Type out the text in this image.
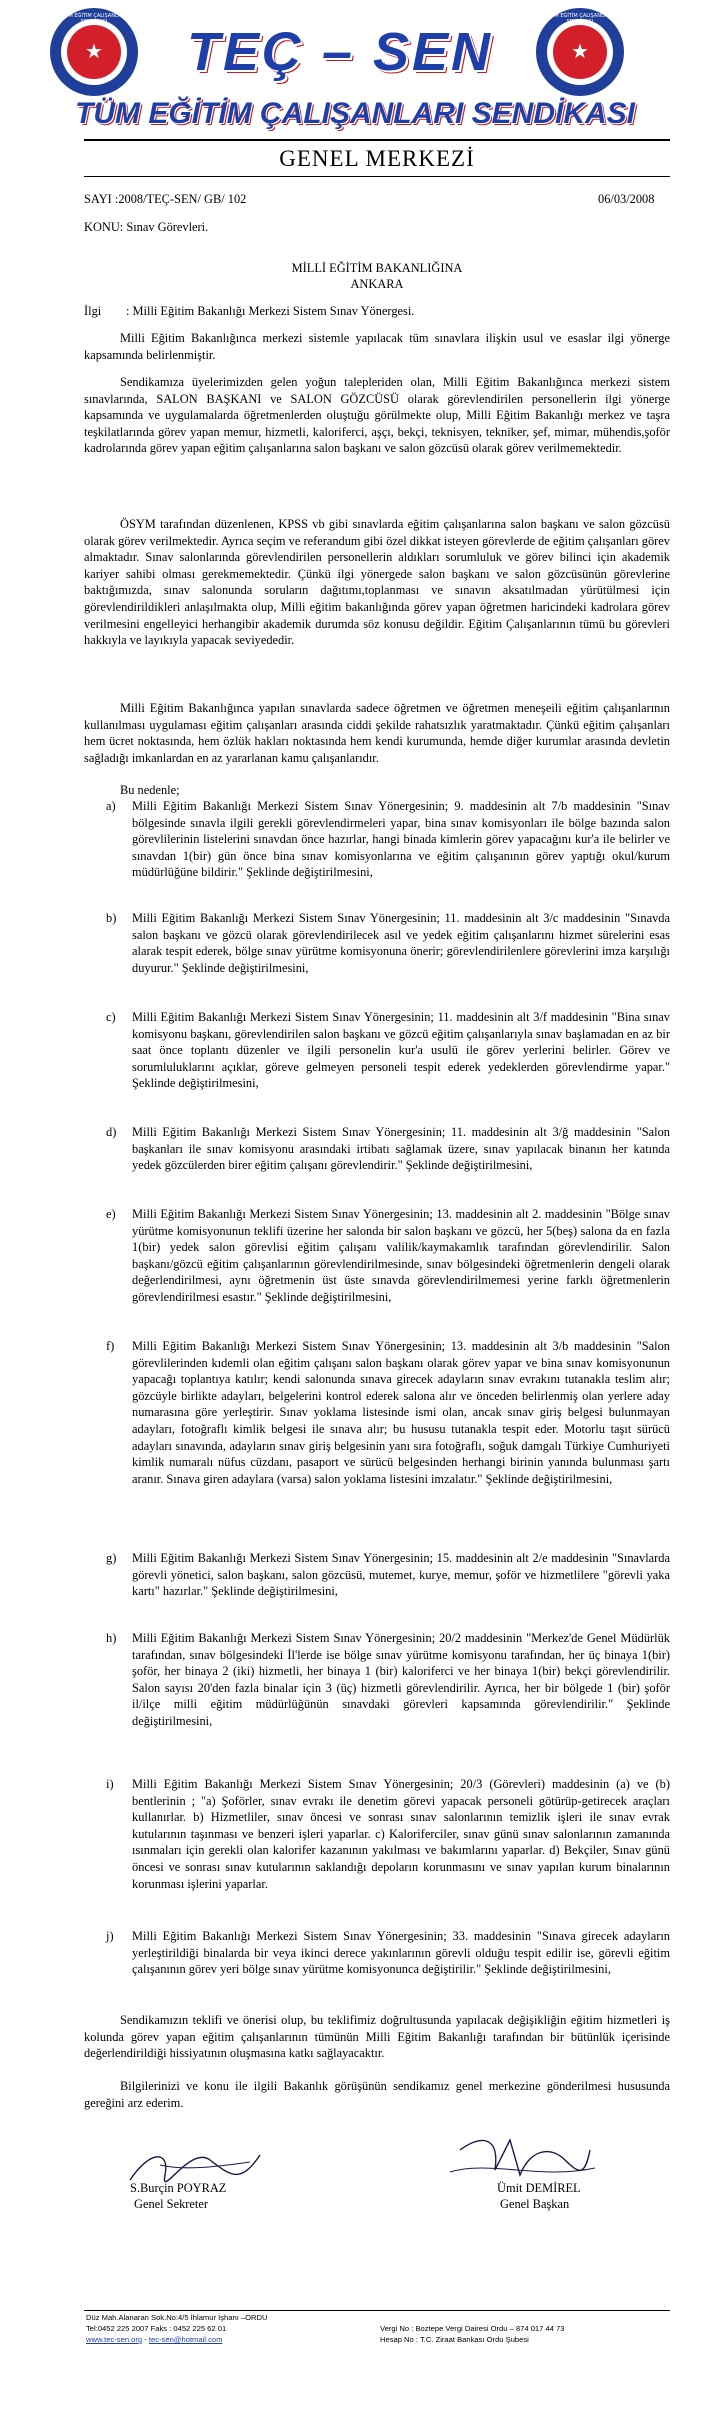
TÜM EĞİTİM ÇALIŞANLARI
★
TÜM EĞİTİM ÇALIŞANLARI
★
TEÇ – SEN
TÜM EĞİTİM ÇALIŞANLARI SENDİKASI
GENEL MERKEZİ
SAYI :2008/TEÇ-SEN/ GB/ 102	06/03/2008
KONU: Sınav Görevleri.
MİLLİ EĞİTİM BAKANLIĞINA
ANKARA
İlgi : Milli Eğitim Bakanlığı Merkezi Sistem Sınav Yönergesi.
Milli Eğitim Bakanlığınca merkezi sistemle yapılacak tüm sınavlara ilişkin usul ve esaslar ilgi yönerge kapsamında belirlenmiştir.
Sendikamıza üyelerimizden gelen yoğun talepleriden olan, Milli Eğitim Bakanlığınca merkezi sistem sınavlarında, SALON BAŞKANI ve SALON GÖZCÜSÜ olarak görevlendirilen personellerin ilgi yönerge kapsamında ve uygulamalarda öğretmenlerden oluştuğu görülmekte olup, Milli Eğitim Bakanlığı merkez ve taşra teşkilatlarında görev yapan memur, hizmetli, kaloriferci, aşçı, bekçi, teknisyen, tekniker, şef, mimar, mühendis,şoför kadrolarında görev yapan eğitim çalışanlarına salon başkanı ve salon gözcüsü olarak görev verilmemektedir.
ÖSYM tarafından düzenlenen, KPSS vb gibi sınavlarda eğitim çalışanlarına salon başkanı ve salon gözcüsü olarak görev verilmektedir. Ayrıca seçim ve referandum gibi özel dikkat isteyen görevlerde de eğitim çalışanları görev almaktadır. Sınav salonlarında görevlendirilen personellerin aldıkları sorumluluk ve görev bilinci için akademik kariyer sahibi olması gerekmemektedir. Çünkü ilgi yönergede salon başkanı ve salon gözcüsünün görevlerine baktığımızda, sınav salonunda soruların dağıtımı,toplanması ve sınavın aksatılmadan yürütülmesi için görevlendirildikleri anlaşılmakta olup, Milli eğitim bakanlığında görev yapan öğretmen haricindeki kadrolara görev verilmesini engelleyici herhangibir akademik durumda söz konusu değildir. Eğitim Çalışanlarının tümü bu görevleri hakkıyla ve layıkıyla yapacak seviyededir.
Milli Eğitim Bakanlığınca yapılan sınavlarda sadece öğretmen ve öğretmen meneşeili eğitim çalışanlarının kullanılması uygulaması eğitim çalışanları arasında ciddi şekilde rahatsızlık yaratmaktadır. Çünkü eğitim çalışanları hem ücret noktasında, hem özlük hakları noktasında hem kendi kurumunda, hemde diğer kurumlar arasında devletin sağladığı imkanlardan en az yararlanan kamu çalışanlarıdır.
Bu nedenle;
a) Milli Eğitim Bakanlığı Merkezi Sistem Sınav Yönergesinin; 9. maddesinin alt 7/b maddesinin "Sınav bölgesinde sınavla ilgili gerekli görevlendirmeleri yapar, bina sınav komisyonları ile bölge bazında salon görevlilerinin listelerini sınavdan önce hazırlar, hangi binada kimlerin görev yapacağını kur'a ile belirler ve sınavdan 1(bir) gün önce bina sınav komisyonlarına ve eğitim çalışanının görev yaptığı okul/kurum müdürlüğüne bildirir." Şeklinde değiştirilmesini,
b) Milli Eğitim Bakanlığı Merkezi Sistem Sınav Yönergesinin; 11. maddesinin alt 3/c maddesinin "Sınavda salon başkanı ve gözcü olarak görevlendirilecek asıl ve yedek eğitim çalışanlarını hizmet sürelerini esas alarak tespit ederek, bölge sınav yürütme komisyonuna önerir; görevlendirilenlere görevlerini imza karşılığı duyurur." Şeklinde değiştirilmesini,
c) Milli Eğitim Bakanlığı Merkezi Sistem Sınav Yönergesinin; 11. maddesinin alt 3/f maddesinin "Bina sınav komisyonu başkanı, görevlendirilen salon başkanı ve gözcü eğitim çalışanlarıyla sınav başlamadan en az bir saat önce toplantı düzenler ve ilgili personelin kur'a usulü ile görev yerlerini belirler. Görev ve sorumluluklarını açıklar, göreve gelmeyen personeli tespit ederek yedeklerden görevlendirme yapar." Şeklinde değiştirilmesini,
d) Milli Eğitim Bakanlığı Merkezi Sistem Sınav Yönergesinin; 11. maddesinin alt 3/ğ maddesinin "Salon başkanları ile sınav komisyonu arasındaki irtibatı sağlamak üzere, sınav yapılacak binanın her katında yedek gözcülerden birer eğitim çalışanı görevlendirir." Şeklinde değiştirilmesini,
e) Milli Eğitim Bakanlığı Merkezi Sistem Sınav Yönergesinin; 13. maddesinin alt 2. maddesinin "Bölge sınav yürütme komisyonunun teklifi üzerine her salonda bir salon başkanı ve gözcü, her 5(beş) salona da en fazla 1(bir) yedek salon görevlisi eğitim çalışanı valilik/kaymakamlık tarafından görevlendirilir. Salon başkanı/gözcü eğitim çalışanlarının görevlendirilmesinde, sınav bölgesindeki öğretmenlerin dengeli olarak değerlendirilmesi, aynı öğretmenin üst üste sınavda görevlendirilmemesi yerine farklı öğretmenlerin görevlendirilmesi esastır." Şeklinde değiştirilmesini,
f) Milli Eğitim Bakanlığı Merkezi Sistem Sınav Yönergesinin; 13. maddesinin alt 3/b maddesinin "Salon görevlilerinden kıdemli olan eğitim çalışanı salon başkanı olarak görev yapar ve bina sınav komisyonunun yapacağı toplantıya katılır; kendi salonunda sınava girecek adayların sınav evrakını tutanakla teslim alır; gözcüyle birlikte adayları, belgelerini kontrol ederek salona alır ve önceden belirlenmiş olan yerlere aday numarasına göre yerleştirir. Sınav yoklama listesinde ismi olan, ancak sınav giriş belgesi bulunmayan adayları, fotoğraflı kimlik belgesi ile sınava alır; bu hususu tutanakla tespit eder. Motorlu taşıt sürücü adayları sınavında, adayların sınav giriş belgesinin yanı sıra fotoğraflı, soğuk damgalı Türkiye Cumhuriyeti kimlik numaralı nüfus cüzdanı, pasaport ve sürücü belgesinden herhangi birinin yanında bulunması şartı aranır. Sınava giren adaylara (varsa) salon yoklama listesini imzalatır." Şeklinde değiştirilmesini,
g) Milli Eğitim Bakanlığı Merkezi Sistem Sınav Yönergesinin; 15. maddesinin alt 2/e maddesinin "Sınavlarda görevli yönetici, salon başkanı, salon gözcüsü, mutemet, kurye, memur, şoför ve hizmetlilere "görevli yaka kartı" hazırlar." Şeklinde değiştirilmesini,
h) Milli Eğitim Bakanlığı Merkezi Sistem Sınav Yönergesinin; 20/2 maddesinin "Merkez'de Genel Müdürlük tarafından, sınav bölgesindeki İl'lerde ise bölge sınav yürütme komisyonu tarafından, her üç binaya 1(bir) şoför, her binaya 2 (iki) hizmetli, her binaya 1 (bir) kaloriferci ve her binaya 1(bir) bekçi görevlendirilir. Salon sayısı 20'den fazla binalar için 3 (üç) hizmetli görevlendirilir. Ayrıca, her bir bölgede 1 (bir) şoför il/ilçe milli eğitim müdürlüğünün sınavdaki görevleri kapsamında görevlendirilir." Şeklinde değiştirilmesini,
i) Milli Eğitim Bakanlığı Merkezi Sistem Sınav Yönergesinin; 20/3 (Görevleri) maddesinin (a) ve (b) bentlerinin ; "a) Şoförler, sınav evrakı ile denetim görevi yapacak personeli götürüp-getirecek araçları kullanırlar. b) Hizmetliler, sınav öncesi ve sonrası sınav salonlarının temizlik işleri ile sınav evrak kutularının taşınması ve benzeri işleri yaparlar. c) Kaloriferciler, sınav günü sınav salonlarının zamanında ısınmaları için gerekli olan kalorifer kazanının yakılması ve bakımlarını yaparlar. d) Bekçiler, Sınav günü öncesi ve sonrası sınav kutularının saklandığı depoların korunmasını ve sınav yapılan kurum binalarının korunması işlerini yaparlar.
j) Milli Eğitim Bakanlığı Merkezi Sistem Sınav Yönergesinin; 33. maddesinin "Sınava girecek adayların yerleştirildiği binalarda bir veya ikinci derece yakınlarının görevli olduğu tespit edilir ise, görevli eğitim çalışanının görev yeri bölge sınav yürütme komisyonunca değiştirilir." Şeklinde değiştirilmesini,
Sendikamızın teklifi ve önerisi olup, bu teklifimiz doğrultusunda yapılacak değişikliğin eğitim hizmetleri iş kolunda görev yapan eğitim çalışanlarının tümünün Milli Eğitim Bakanlığı tarafından bir bütünlük içerisinde değerlendirildiği hissiyatının oluşmasına katkı sağlayacaktır.
Bilgilerinizi ve konu ile ilgili Bakanlık görüşünün sendikamız genel merkezine gönderilmesi hususunda gereğini arz ederim.
S.Burçin POYRAZ
Genel Sekreter
Ümit DEMİREL
Genel Başkan
Düz Mah.Alanaran Sok.No:4/5 İhlamur İşhanı –ORDU
Tel:0452 225 2007 Faks : 0452 225 62 01
www.tec-sen.org - tec-sen@hotmail.com
Vergi No : Boztepe Vergi Dairesi Ordu – 874 017 44 73
Hesap No : T.C. Ziraat Bankası Ordu Şubesi
